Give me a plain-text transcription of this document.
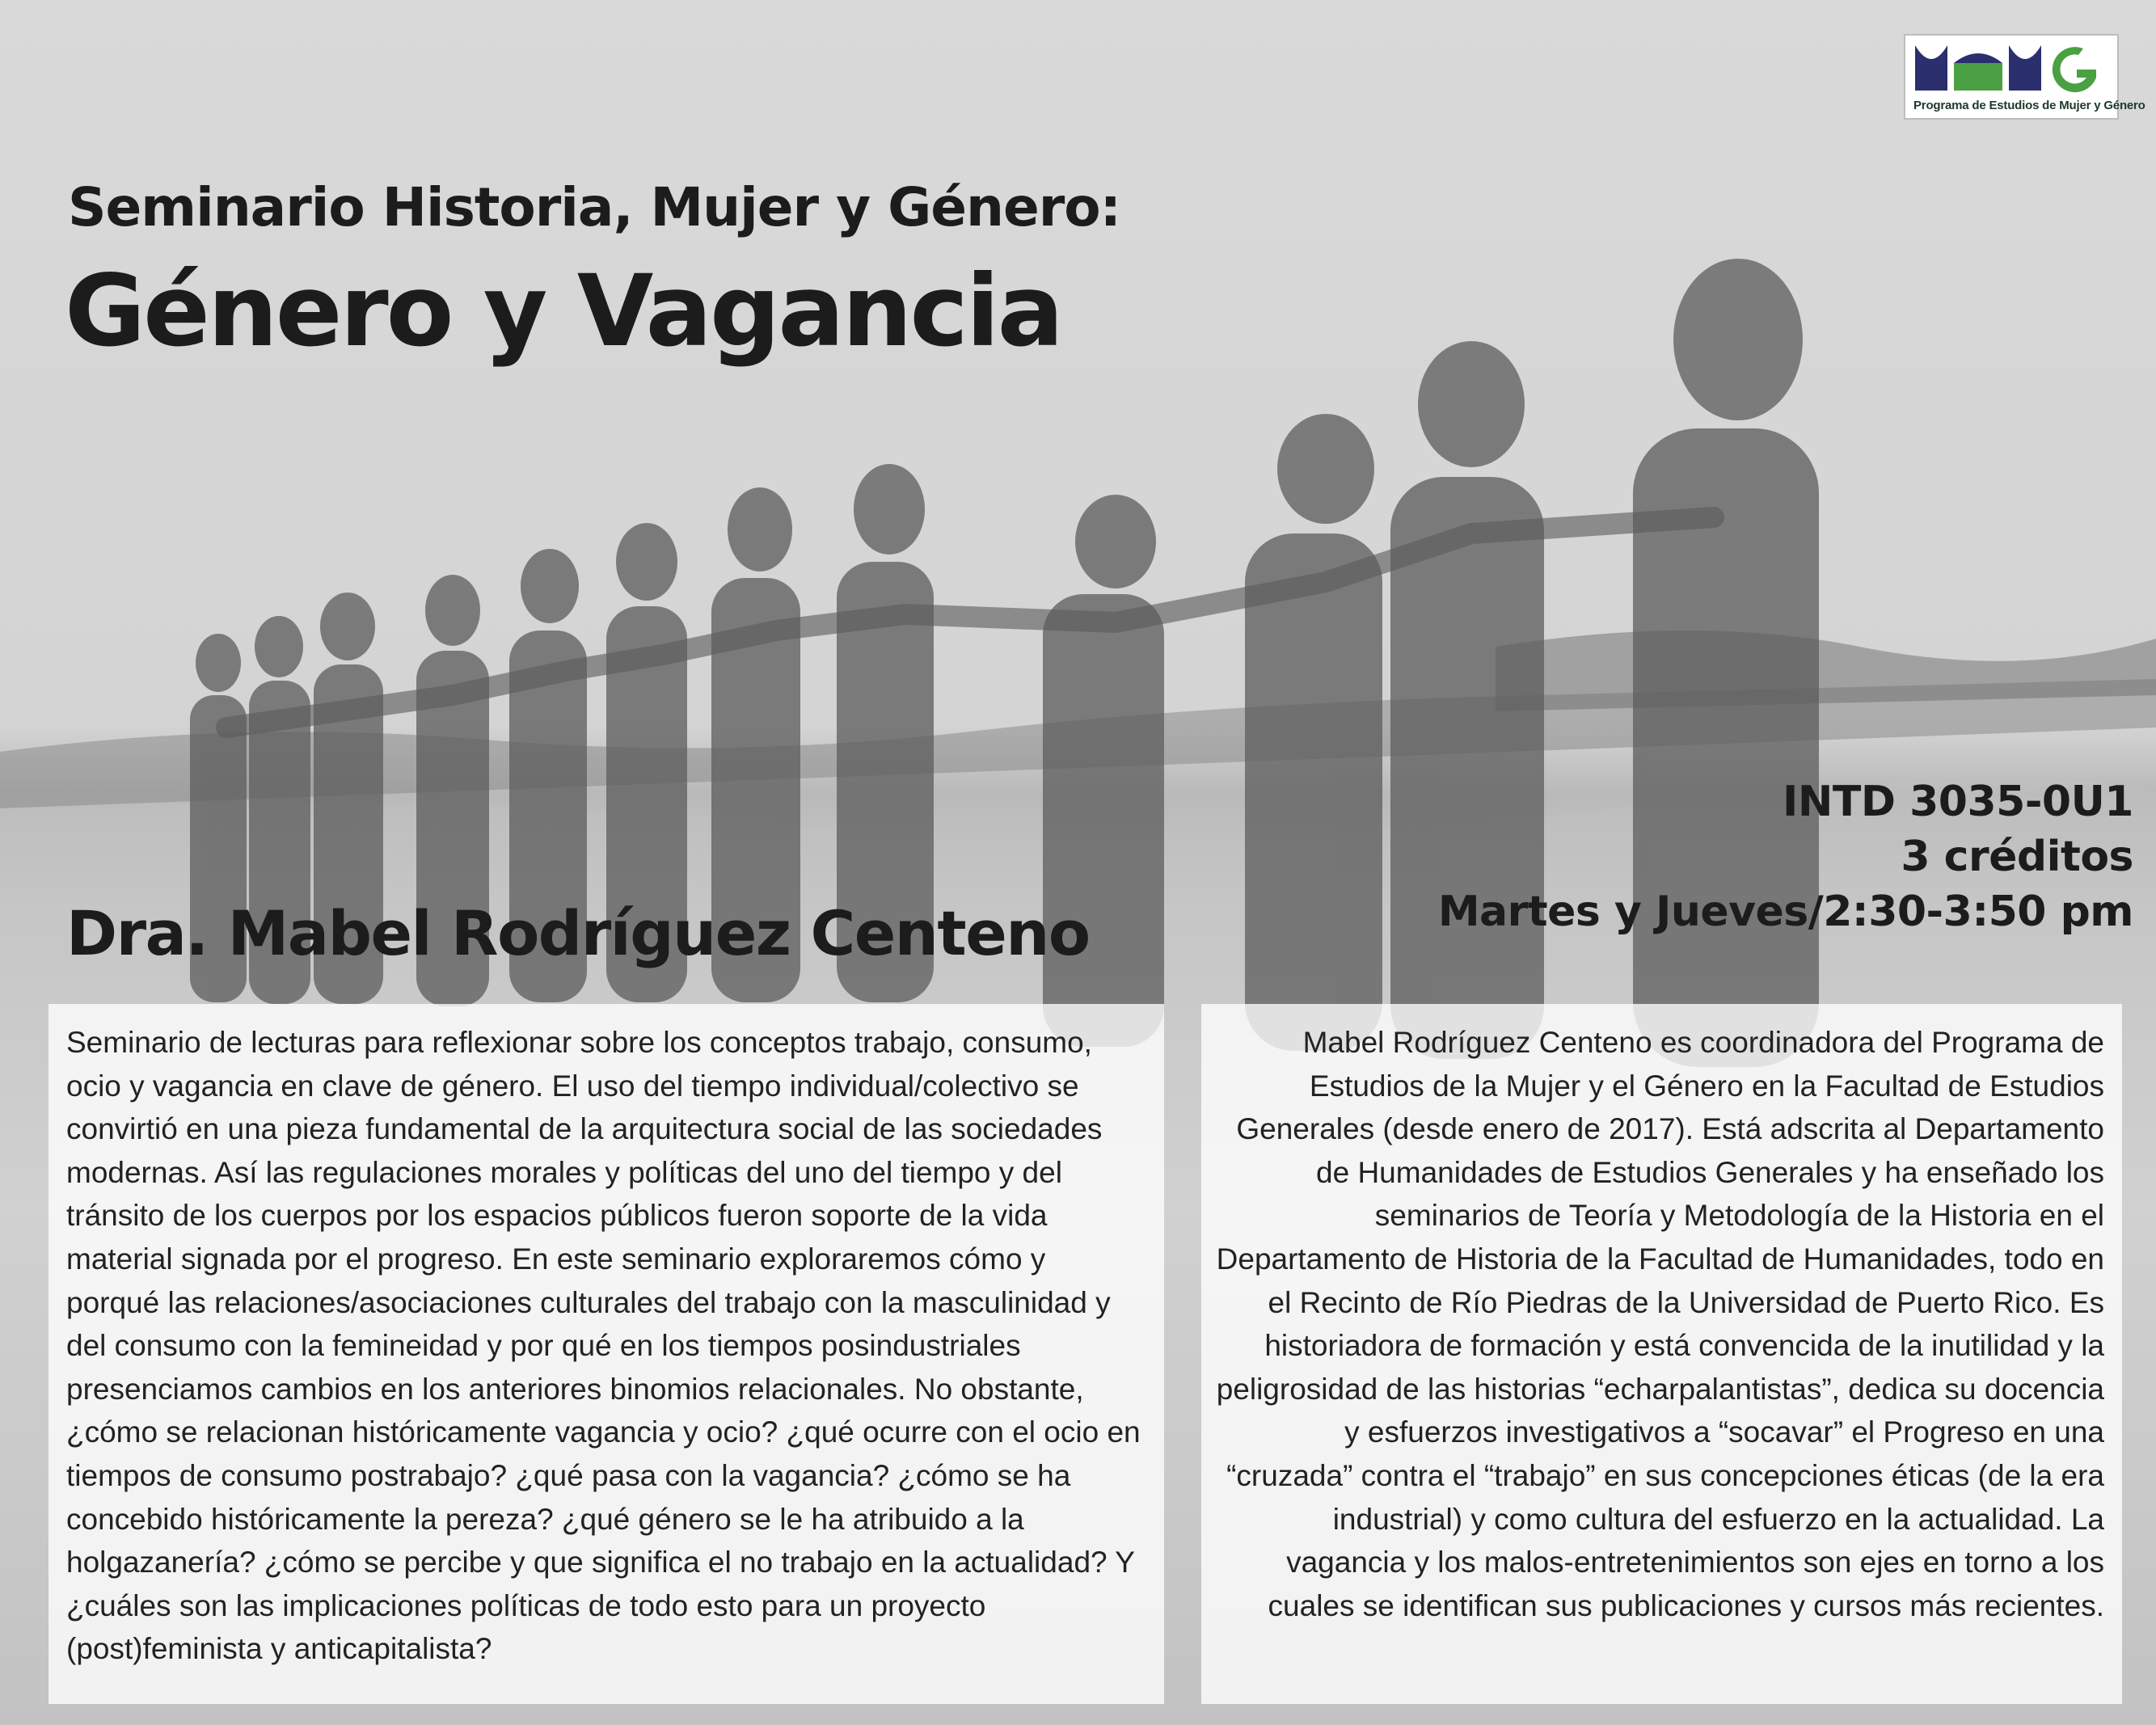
Programa de Estudios de Mujer y Género
Seminario Historia, Mujer y Género:
Género y Vagancia
INTD 3035-0U1
3 créditos
Martes y Jueves/2:30-3:50 pm
Dra. Mabel Rodríguez Centeno

Seminario de lecturas para reflexionar sobre los conceptos trabajo, consumo, ocio y vagancia en clave de género. El uso del tiempo individual/colectivo se convirtió en una pieza fundamental de la arquitectura social de las sociedades modernas. Así las regulaciones morales y políticas del uno del tiempo y del tránsito de los cuerpos por los espacios públicos fueron soporte de la vida material signada por el progreso. En este seminario exploraremos cómo y porqué las relaciones/asociaciones culturales del trabajo con la masculinidad y del consumo con la femineidad y por qué en los tiempos posindustriales presenciamos cambios en los anteriores binomios relacionales. No obstante, ¿cómo se relacionan históricamente vagancia y ocio? ¿qué ocurre con el ocio en tiempos de consumo postrabajo? ¿qué pasa con la vagancia? ¿cómo se ha concebido históricamente la pereza? ¿qué género se le ha atribuido a la holgazanería? ¿cómo se percibe y que significa el no trabajo en la actualidad? Y ¿cuáles son las implicaciones políticas de todo esto para un proyecto (post)feminista y anticapitalista?

Mabel Rodríguez Centeno es coordinadora del Programa de Estudios de la Mujer y el Género en la Facultad de Estudios Generales (desde enero de 2017). Está adscrita al Departamento de Humanidades de Estudios Generales y ha enseñado los seminarios de Teoría y Metodología de la Historia en el Departamento de Historia de la Facultad de Humanidades, todo en el Recinto de Río Piedras de la Universidad de Puerto Rico. Es historiadora de formación y está convencida de la inutilidad y la peligrosidad de las historias “echarpalantistas”, dedica su docencia y esfuerzos investigativos a “socavar” el Progreso en una “cruzada” contra el “trabajo” en sus concepciones éticas (de la era industrial) y como cultura del esfuerzo en la actualidad. La vagancia y los malos-entretenimientos son ejes en torno a los cuales se identifican sus publicaciones y cursos más recientes.
